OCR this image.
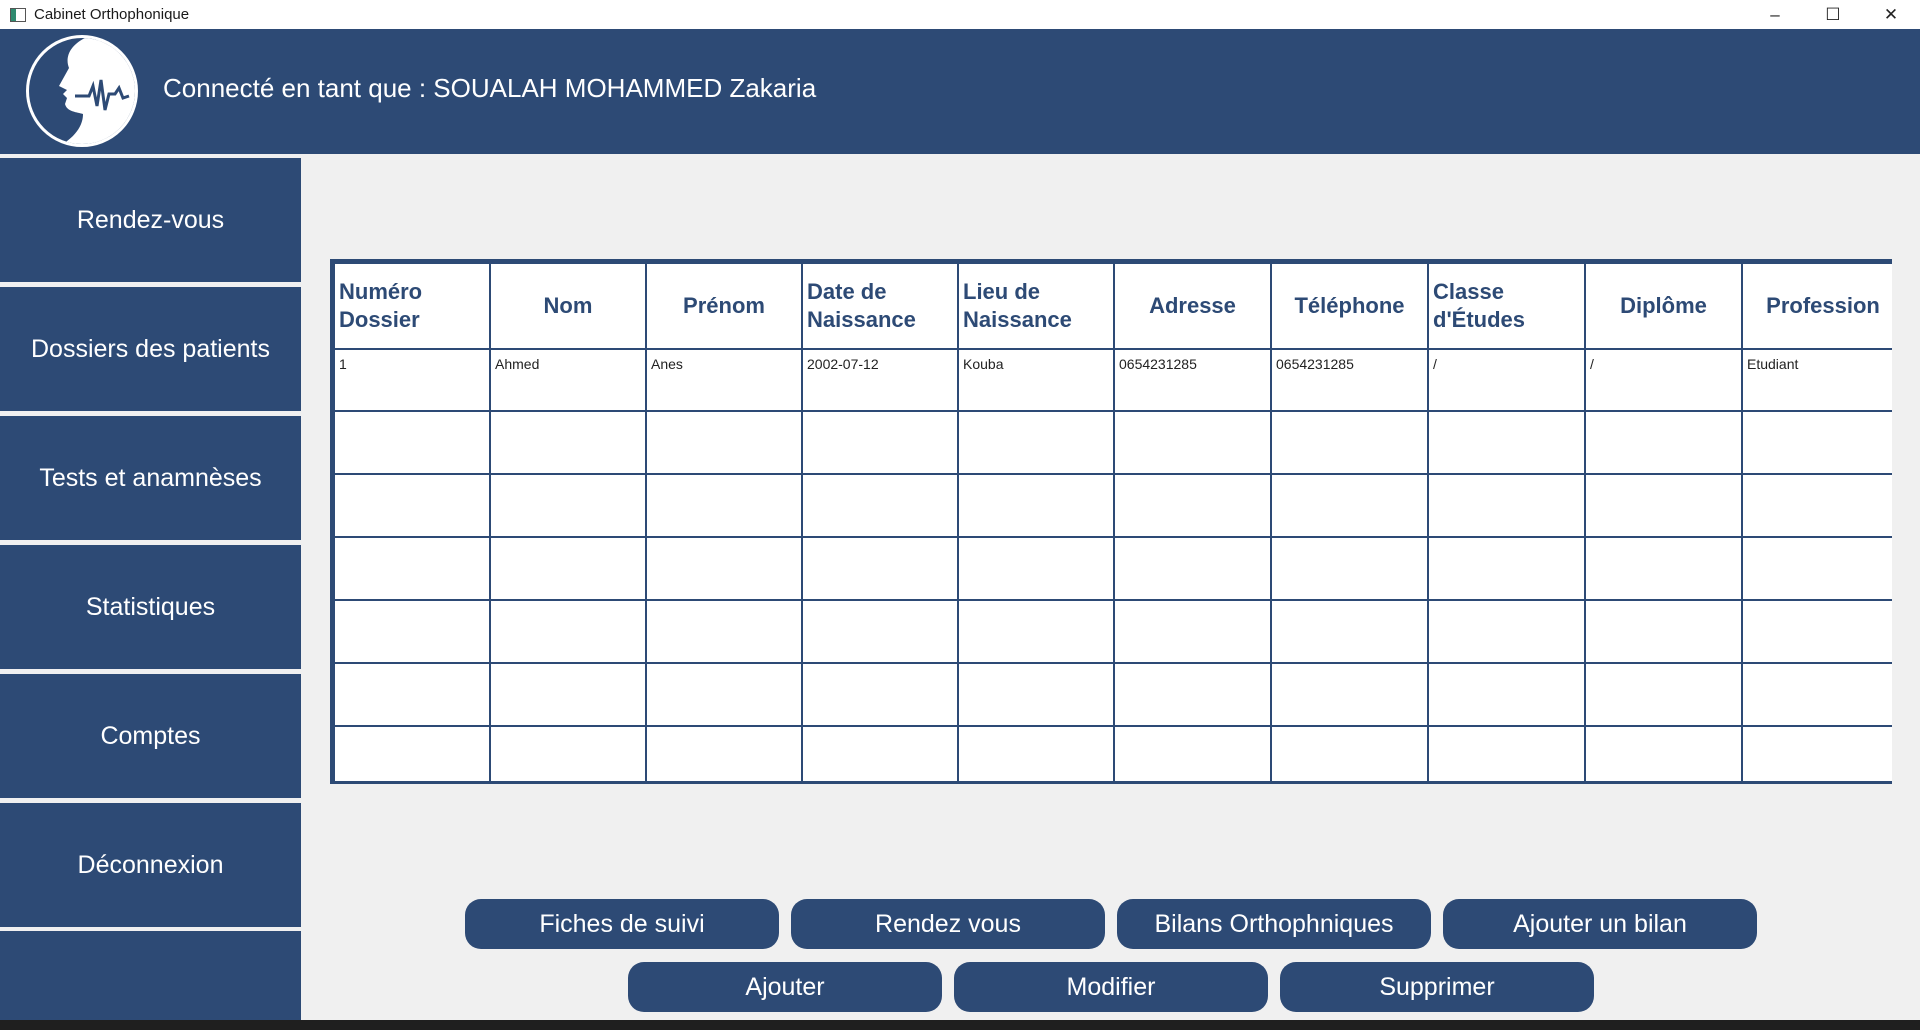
Cabinet Orthophonique	–	☐	✕
Connecté en tant que : SOUALAH MOHAMMED Zakaria
Rendez-vous
Dossiers des patients
Tests et anamnèses
Statistiques
Comptes
Déconnexion
Numéro Dossier	Nom	Prénom	Date de Naissance	Lieu de Naissance	Adresse	Téléphone	Classe d'Études	Diplôme	Profession
1	Ahmed	Anes	2002-07-12	Kouba	0654231285	0654231285	/	/	Etudiant

Fiches de suivi	Rendez vous	Bilans Orthophniques	Ajouter un bilan
Ajouter	Modifier	Supprimer
